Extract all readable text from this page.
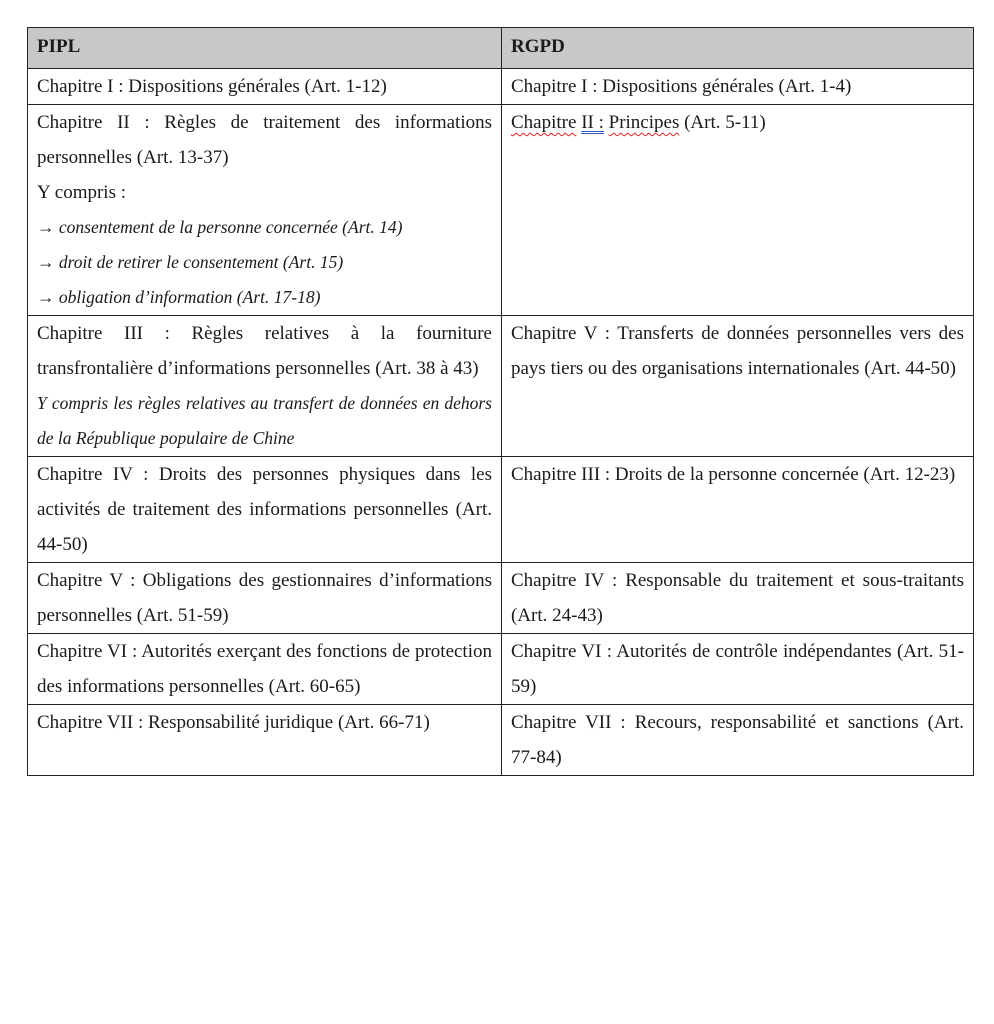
PIPL	RGPD

Chapitre I : Dispositions générales (Art. 1-12)	Chapitre I : Dispositions générales (Art. 1-4)

Chapitre II : Règles de traitement des informations personnelles (Art. 13-37)
Y compris :
→ consentement de la personne concernée (Art. 14)
→ droit de retirer le consentement (Art. 15)
→ obligation d’information (Art. 17-18)	Chapitre II : Principes (Art. 5-11)

Chapitre III : Règles relatives à la fourniture transfrontalière d’informations personnelles (Art. 38 à 43)
Y compris les règles relatives au transfert de données en dehors de la République populaire de Chine	Chapitre V : Transferts de données personnelles vers des pays tiers ou des organisations internationales (Art. 44-50)

Chapitre IV : Droits des personnes physiques dans les activités de traitement des informations personnelles (Art. 44-50)	Chapitre III : Droits de la personne concernée (Art. 12-23)

Chapitre V : Obligations des gestionnaires d’informations personnelles (Art. 51-59)	Chapitre IV : Responsable du traitement et sous-traitants (Art. 24-43)

Chapitre VI : Autorités exerçant des fonctions de protection des informations personnelles (Art. 60-65)	Chapitre VI : Autorités de contrôle indépendantes (Art. 51-59)

Chapitre VII : Responsabilité juridique (Art. 66-71)	Chapitre VII : Recours, responsabilité et sanctions (Art. 77-84)
